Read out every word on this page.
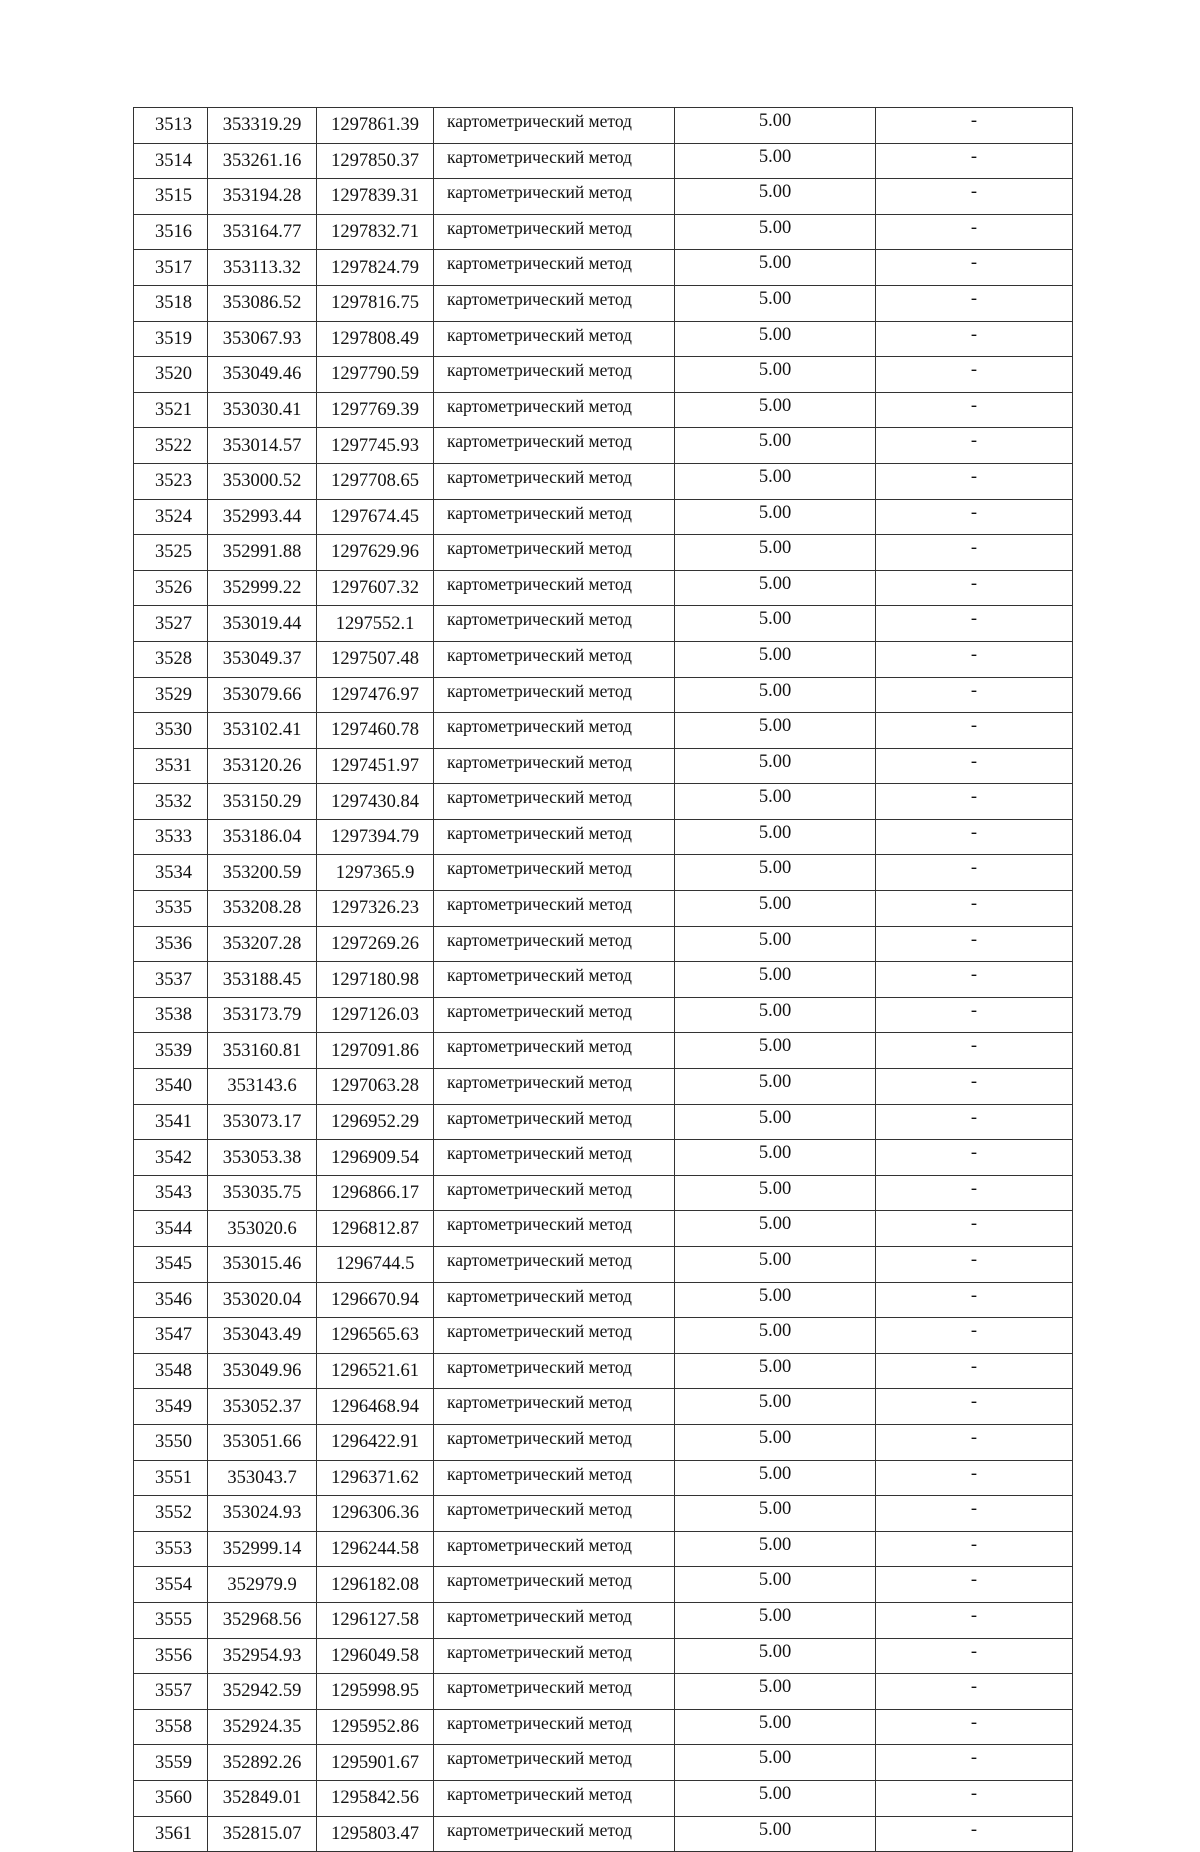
3513	353319.29	1297861.39	картометрический метод	5.00	-
3514	353261.16	1297850.37	картометрический метод	5.00	-
3515	353194.28	1297839.31	картометрический метод	5.00	-
3516	353164.77	1297832.71	картометрический метод	5.00	-
3517	353113.32	1297824.79	картометрический метод	5.00	-
3518	353086.52	1297816.75	картометрический метод	5.00	-
3519	353067.93	1297808.49	картометрический метод	5.00	-
3520	353049.46	1297790.59	картометрический метод	5.00	-
3521	353030.41	1297769.39	картометрический метод	5.00	-
3522	353014.57	1297745.93	картометрический метод	5.00	-
3523	353000.52	1297708.65	картометрический метод	5.00	-
3524	352993.44	1297674.45	картометрический метод	5.00	-
3525	352991.88	1297629.96	картометрический метод	5.00	-
3526	352999.22	1297607.32	картометрический метод	5.00	-
3527	353019.44	1297552.1	картометрический метод	5.00	-
3528	353049.37	1297507.48	картометрический метод	5.00	-
3529	353079.66	1297476.97	картометрический метод	5.00	-
3530	353102.41	1297460.78	картометрический метод	5.00	-
3531	353120.26	1297451.97	картометрический метод	5.00	-
3532	353150.29	1297430.84	картометрический метод	5.00	-
3533	353186.04	1297394.79	картометрический метод	5.00	-
3534	353200.59	1297365.9	картометрический метод	5.00	-
3535	353208.28	1297326.23	картометрический метод	5.00	-
3536	353207.28	1297269.26	картометрический метод	5.00	-
3537	353188.45	1297180.98	картометрический метод	5.00	-
3538	353173.79	1297126.03	картометрический метод	5.00	-
3539	353160.81	1297091.86	картометрический метод	5.00	-
3540	353143.6	1297063.28	картометрический метод	5.00	-
3541	353073.17	1296952.29	картометрический метод	5.00	-
3542	353053.38	1296909.54	картометрический метод	5.00	-
3543	353035.75	1296866.17	картометрический метод	5.00	-
3544	353020.6	1296812.87	картометрический метод	5.00	-
3545	353015.46	1296744.5	картометрический метод	5.00	-
3546	353020.04	1296670.94	картометрический метод	5.00	-
3547	353043.49	1296565.63	картометрический метод	5.00	-
3548	353049.96	1296521.61	картометрический метод	5.00	-
3549	353052.37	1296468.94	картометрический метод	5.00	-
3550	353051.66	1296422.91	картометрический метод	5.00	-
3551	353043.7	1296371.62	картометрический метод	5.00	-
3552	353024.93	1296306.36	картометрический метод	5.00	-
3553	352999.14	1296244.58	картометрический метод	5.00	-
3554	352979.9	1296182.08	картометрический метод	5.00	-
3555	352968.56	1296127.58	картометрический метод	5.00	-
3556	352954.93	1296049.58	картометрический метод	5.00	-
3557	352942.59	1295998.95	картометрический метод	5.00	-
3558	352924.35	1295952.86	картометрический метод	5.00	-
3559	352892.26	1295901.67	картометрический метод	5.00	-
3560	352849.01	1295842.56	картометрический метод	5.00	-
3561	352815.07	1295803.47	картометрический метод	5.00	-
